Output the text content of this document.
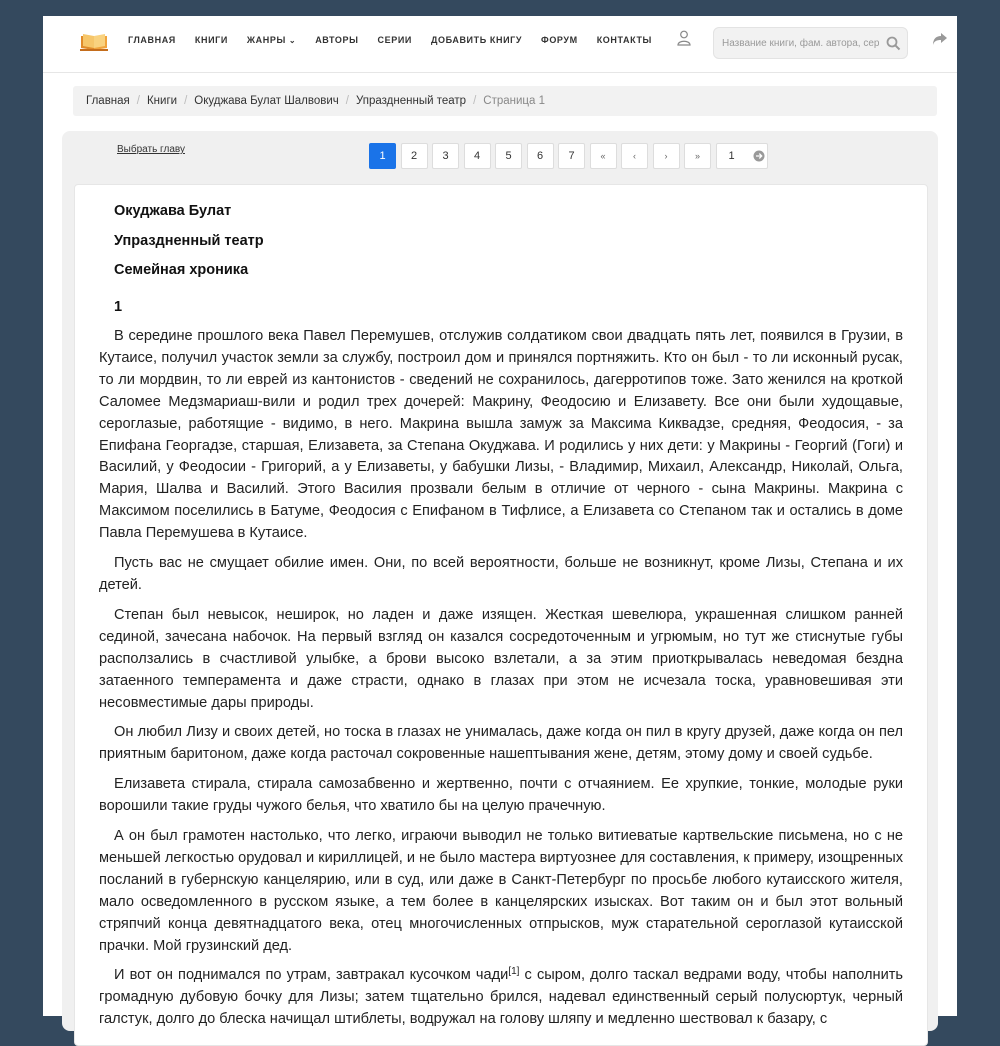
ГЛАВНАЯ КНИГИ ЖАНРЫ ⌄ АВТОРЫ СЕРИИ ДОБАВИТЬ КНИГУ ФОРУМ КОНТАКТЫ
Название книги, фам. автора, серия
Главная / Книги / Окуджава Булат Шалвович / Упраздненный театр / Страница 1
Выбрать главу
1	2	3	4	5	6	7	«	‹	›	»	1
Окуджава Булат
Упраздненный театр
Семейная хроника
1

В середине прошлого века Павел Перемушев, отслужив солдатиком свои двадцать пять лет, появился в Грузии, в Кутаисе, получил участок земли за службу, построил дом и принялся портняжить. Кто он был - то ли исконный русак, то ли мордвин, то ли еврей из кантонистов - сведений не сохранилось, дагерротипов тоже. Зато женился на кроткой Саломее Медзмариаш-вили и родил трех дочерей: Макрину, Феодосию и Елизавету. Все они были худощавые, сероглазые, работящие - видимо, в него. Макрина вышла замуж за Максима Киквадзе, средняя, Феодосия, - за Епифана Георгадзе, старшая, Елизавета, за Степана Окуджава. И родились у них дети: у Макрины - Георгий (Гоги) и Василий, у Феодосии - Григорий, а у Елизаветы, у бабушки Лизы, - Владимир, Михаил, Александр, Николай, Ольга, Мария, Шалва и Василий. Этого Василия прозвали белым в отличие от черного - сына Макрины. Макрина с Максимом поселились в Батуме, Феодосия с Епифаном в Тифлисе, а Елизавета со Степаном так и остались в доме Павла Перемушева в Кутаисе.

Пусть вас не смущает обилие имен. Они, по всей вероятности, больше не возникнут, кроме Лизы, Степана и их детей.

Степан был невысок, неширок, но ладен и даже изящен. Жесткая шевелюра, украшенная слишком ранней сединой, зачесана набочок. На первый взгляд он казался сосредоточенным и угрюмым, но тут же стиснутые губы расползались в счастливой улыбке, а брови высоко взлетали, а за этим приоткрывалась неведомая бездна затаенного темперамента и даже страсти, однако в глазах при этом не исчезала тоска, уравновешивая эти несовместимые дары природы.

Он любил Лизу и своих детей, но тоска в глазах не унималась, даже когда он пил в кругу друзей, даже когда он пел приятным баритоном, даже когда расточал сокровенные нашептывания жене, детям, этому дому и своей судьбе.

Елизавета стирала, стирала самозабвенно и жертвенно, почти с отчаянием. Ее хрупкие, тонкие, молодые руки ворошили такие груды чужого белья, что хватило бы на целую прачечную.

А он был грамотен настолько, что легко, играючи выводил не только витиеватые картвельские письмена, но с не меньшей легкостью орудовал и кириллицей, и не было мастера виртуознее для составления, к примеру, изощренных посланий в губернскую канцелярию, или в суд, или даже в Санкт-Петербург по просьбе любого кутаисского жителя, мало осведомленного в русском языке, а тем более в канцелярских изысках. Вот таким он и был этот вольный стряпчий конца девятнадцатого века, отец многочисленных отпрысков, муж старательной сероглазой кутаисской прачки. Мой грузинский дед.

И вот он поднимался по утрам, завтракал кусочком чади[1] с сыром, долго таскал ведрами воду, чтобы наполнить громадную дубовую бочку для Лизы; затем тщательно брился, надевал единственный серый полусюртук, черный галстук, долго до блеска начищал штиблеты, водружал на голову шляпу и медленно шествовал к базару, с
